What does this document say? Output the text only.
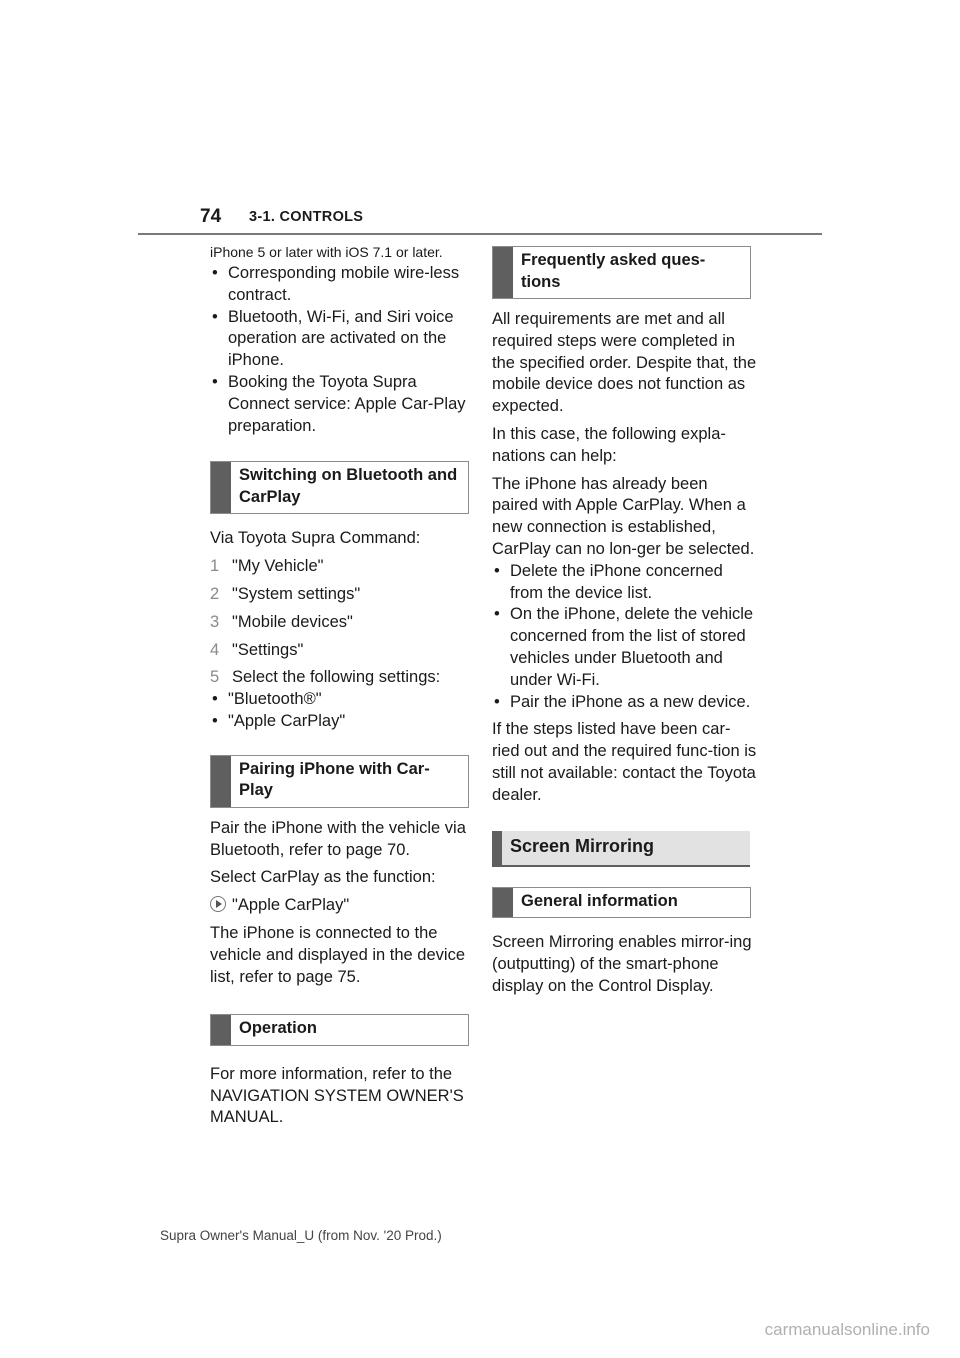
74 3-1. CONTROLS

iPhone 5 or later with iOS 7.1 or later.

• Corresponding mobile wire-less contract.
• Bluetooth, Wi-Fi, and Siri voice operation are activated on the iPhone.
• Booking the Toyota Supra Connect service: Apple Car-Play preparation.
Switching on Bluetooth and CarPlay

Via Toyota Supra Command:

1 "My Vehicle"
2 "System settings"
3 "Mobile devices"
4 "Settings"
5 Select the following settings:
• "Bluetooth®"
• "Apple CarPlay"
Pairing iPhone with Car-Play

Pair the iPhone with the vehicle via Bluetooth, refer to page 70.

Select CarPlay as the function:

"Apple CarPlay"

The iPhone is connected to the vehicle and displayed in the device list, refer to page 75.

Operation

For more information, refer to the NAVIGATION SYSTEM OWNER'S MANUAL.

Frequently asked ques-tions

All requirements are met and all required steps were completed in the specified order. Despite that, the mobile device does not function as expected.

In this case, the following expla-nations can help:

The iPhone has already been paired with Apple CarPlay. When a new connection is established, CarPlay can no lon-ger be selected.

• Delete the iPhone concerned from the device list.
• On the iPhone, delete the vehicle concerned from the list of stored vehicles under Bluetooth and under Wi-Fi.
• Pair the iPhone as a new device.

If the steps listed have been car-ried out and the required func-tion is still not available: contact the Toyota dealer.

Screen Mirroring
General information

Screen Mirroring enables mirror-ing (outputting) of the smart-phone display on the Control Display.

Supra Owner's Manual_U (from Nov. '20 Prod.)
carmanualsonline.info
